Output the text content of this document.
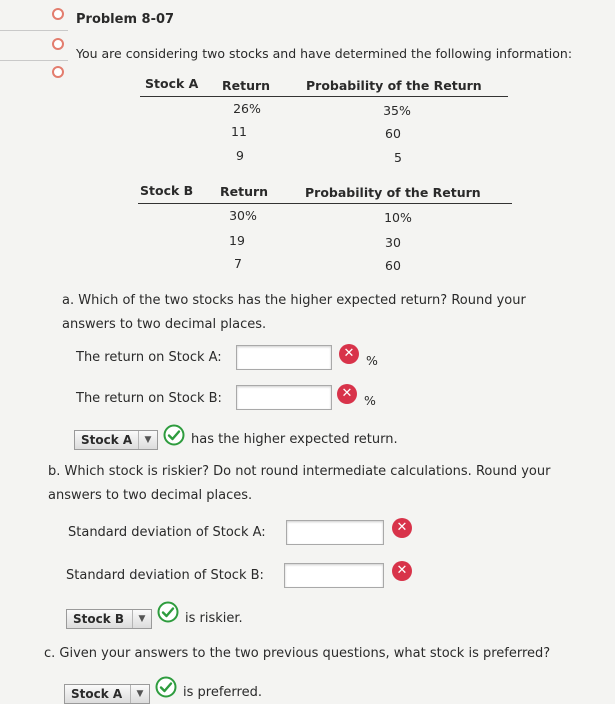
Problem 8-07
You are considering two stocks and have determined the following information:
Stock A Return	Probability of the Return
26%	35%
11	60
9	5
Stock B Return	Probability of the Return
30%	10%
19	30
7	60
a. Which of the two stocks has the higher expected return? Round your answers to two decimal places.
The return on Stock A:	✕ %
The return on Stock B:	✕ %
Stock A	▼	has the higher expected return.
b. Which stock is riskier? Do not round intermediate calculations. Round your answers to two decimal places.
Standard deviation of Stock A:	✕
Standard deviation of Stock B:	✕
Stock B	▼	is riskier.
c. Given your answers to the two previous questions, what stock is preferred?
Stock A	▼	is preferred.
